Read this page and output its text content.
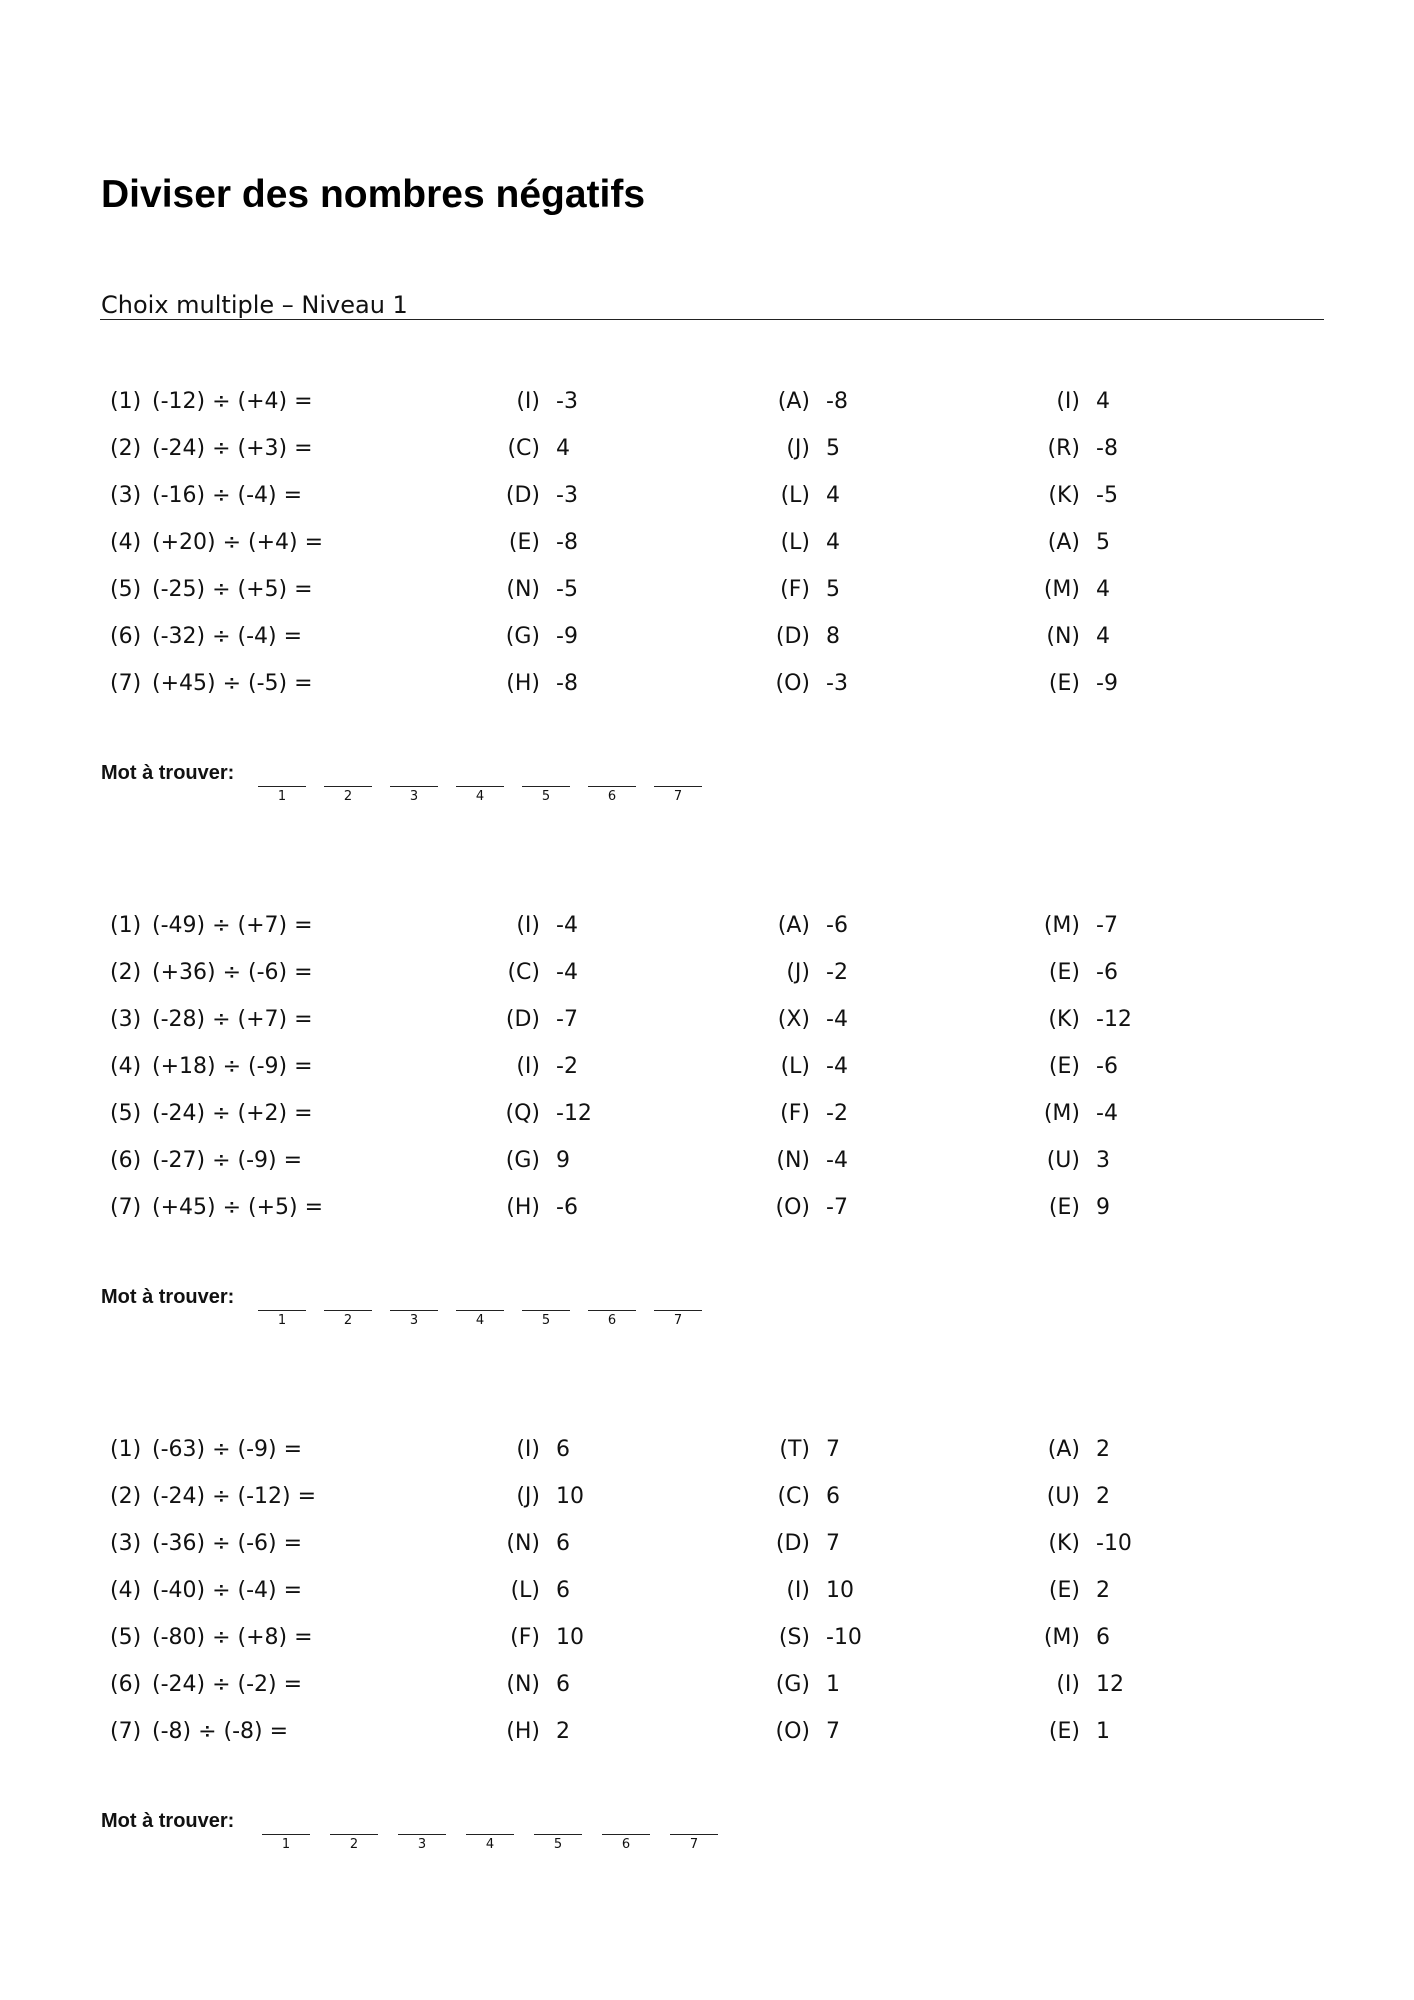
Diviser des nombres négatifs
Choix multiple – Niveau 1
(1) (-12) ÷ (+4) =	(I) -3	(A) -8	(I) 4
(2) (-24) ÷ (+3) =	(C) 4	(J) 5	(R) -8
(3) (-16) ÷ (-4) =	(D) -3	(L) 4	(K) -5
(4) (+20) ÷ (+4) =	(E) -8	(L) 4	(A) 5
(5) (-25) ÷ (+5) =	(N) -5	(F) 5	(M) 4
(6) (-32) ÷ (-4) =	(G) -9	(D) 8	(N) 4
(7) (+45) ÷ (-5) =	(H) -8	(O) -3	(E) -9
Mot à trouver:
1	2	3	4	5	6	7
(1) (-49) ÷ (+7) =	(I) -4	(A) -6	(M) -7
(2) (+36) ÷ (-6) =	(C) -4	(J) -2	(E) -6
(3) (-28) ÷ (+7) =	(D) -7	(X) -4	(K) -12
(4) (+18) ÷ (-9) =	(I) -2	(L) -4	(E) -6
(5) (-24) ÷ (+2) =	(Q) -12	(F) -2	(M) -4
(6) (-27) ÷ (-9) =	(G) 9	(N) -4	(U) 3
(7) (+45) ÷ (+5) =	(H) -6	(O) -7	(E) 9
Mot à trouver:
1	2	3	4	5	6	7
(1) (-63) ÷ (-9) =	(I) 6	(T) 7	(A) 2
(2) (-24) ÷ (-12) =	(J) 10	(C) 6	(U) 2
(3) (-36) ÷ (-6) =	(N) 6	(D) 7	(K) -10
(4) (-40) ÷ (-4) =	(L) 6	(I) 10	(E) 2
(5) (-80) ÷ (+8) =	(F) 10	(S) -10	(M) 6
(6) (-24) ÷ (-2) =	(N) 6	(G) 1	(I) 12
(7) (-8) ÷ (-8) =	(H) 2	(O) 7	(E) 1
Mot à trouver:
1	2	3	4	5	6	7
